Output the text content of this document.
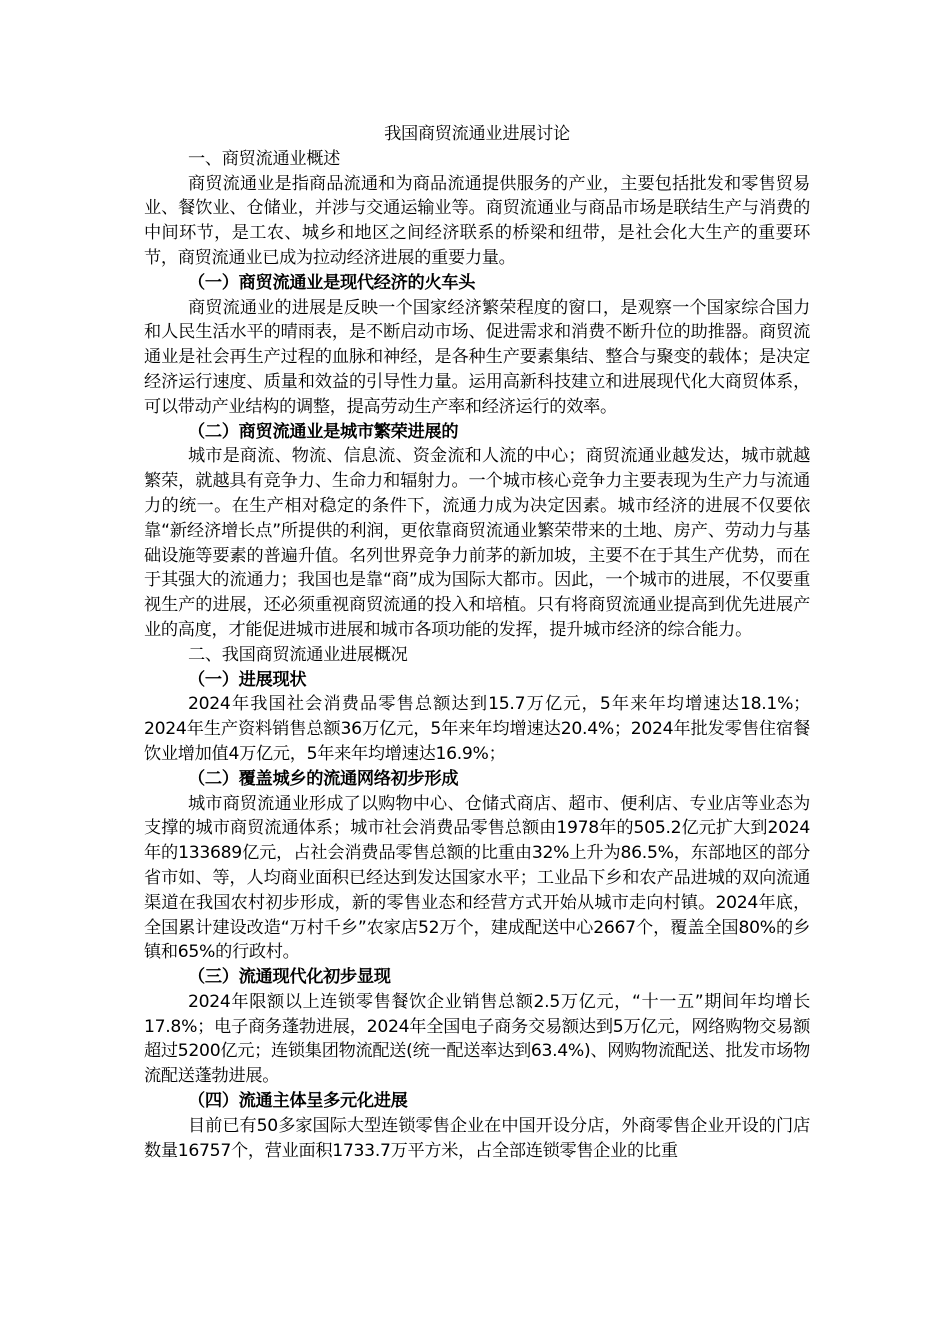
我国商贸流通业进展讨论

一、商贸流通业概述

商贸流通业是指商品流通和为商品流通提供服务的产业，主要包括批发和零售贸易业、餐饮业、仓储业，并涉与交通运输业等。商贸流通业与商品市场是联结生产与消费的中间环节，是工农、城乡和地区之间经济联系的桥梁和纽带，是社会化大生产的重要环节，商贸流通业已成为拉动经济进展的重要力量。

（一）商贸流通业是现代经济的火车头

商贸流通业的进展是反映一个国家经济繁荣程度的窗口，是观察一个国家综合国力和人民生活水平的晴雨表，是不断启动市场、促进需求和消费不断升位的助推器。商贸流通业是社会再生产过程的血脉和神经，是各种生产要素集结、整合与聚变的载体；是决定经济运行速度、质量和效益的引导性力量。运用高新科技建立和进展现代化大商贸体系，可以带动产业结构的调整，提高劳动生产率和经济运行的效率。

（二）商贸流通业是城市繁荣进展的

城市是商流、物流、信息流、资金流和人流的中心；商贸流通业越发达，城市就越繁荣，就越具有竞争力、生命力和辐射力。一个城市核心竞争力主要表现为生产力与流通力的统一。在生产相对稳定的条件下，流通力成为决定因素。城市经济的进展不仅要依靠“新经济增长点”所提供的利润，更依靠商贸流通业繁荣带来的土地、房产、劳动力与基础设施等要素的普遍升值。名列世界竞争力前茅的新加坡，主要不在于其生产优势，而在于其强大的流通力；我国也是靠“商”成为国际大都市。因此，一个城市的进展，不仅要重视生产的进展，还必须重视商贸流通的投入和培植。只有将商贸流通业提高到优先进展产业的高度，才能促进城市进展和城市各项功能的发挥，提升城市经济的综合能力。

二、我国商贸流通业进展概况

（一）进展现状

2024年我国社会消费品零售总额达到15.7万亿元，5年来年均增速达18.1%；2024年生产资料销售总额36万亿元，5年来年均增速达20.4%；2024年批发零售住宿餐饮业增加值4万亿元，5年来年均增速达16.9%；

（二）覆盖城乡的流通网络初步形成

城市商贸流通业形成了以购物中心、仓储式商店、超市、便利店、专业店等业态为支撑的城市商贸流通体系；城市社会消费品零售总额由1978年的505.2亿元扩大到2024年的133689亿元，占社会消费品零售总额的比重由32%上升为86.5%，东部地区的部分省市如、等，人均商业面积已经达到发达国家水平；工业品下乡和农产品进城的双向流通渠道在我国农村初步形成，新的零售业态和经营方式开始从城市走向村镇。2024年底，全国累计建设改造“万村千乡”农家店52万个，建成配送中心2667个，覆盖全国80%的乡镇和65%的行政村。

（三）流通现代化初步显现

2024年限额以上连锁零售餐饮企业销售总额2.5万亿元，“十一五”期间年均增长17.8%；电子商务蓬勃进展，2024年全国电子商务交易额达到5万亿元，网络购物交易额超过5200亿元；连锁集团物流配送(统一配送率达到63.4%)、网购物流配送、批发市场物流配送蓬勃进展。

（四）流通主体呈多元化进展

目前已有50多家国际大型连锁零售企业在中国开设分店，外商零售企业开设的门店数量16757个，营业面积1733.7万平方米，占全部连锁零售企业的比重
